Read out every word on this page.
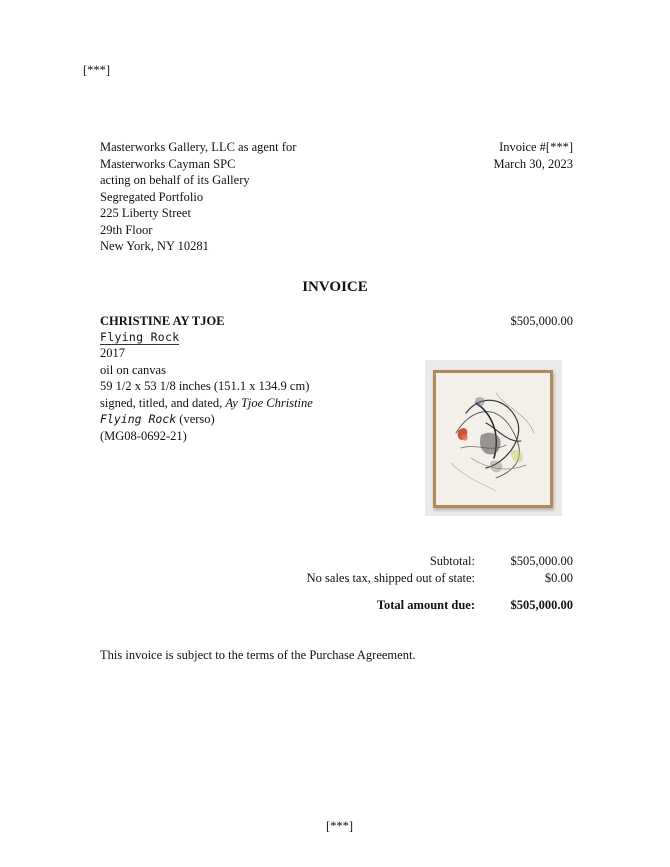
[***]
Masterworks Gallery, LLC as agent for
Masterworks Cayman SPC
acting on behalf of its Gallery
Segregated Portfolio
225 Liberty Street
29th Floor
New York, NY 10281
Invoice #[***]
March 30, 2023
INVOICE
CHRISTINE AY TJOE	$505,000.00
Flying Rock
2017
oil on canvas
59 1/2 x 53 1/8 inches (151.1 x 134.9 cm)
signed, titled, and dated, Ay Tjoe Christine
Flying Rock (verso)
(MG08-0692-21)
Subtotal:	$505,000.00
No sales tax, shipped out of state:	$0.00
Total amount due:	$505,000.00
This invoice is subject to the terms of the Purchase Agreement.
[***]
